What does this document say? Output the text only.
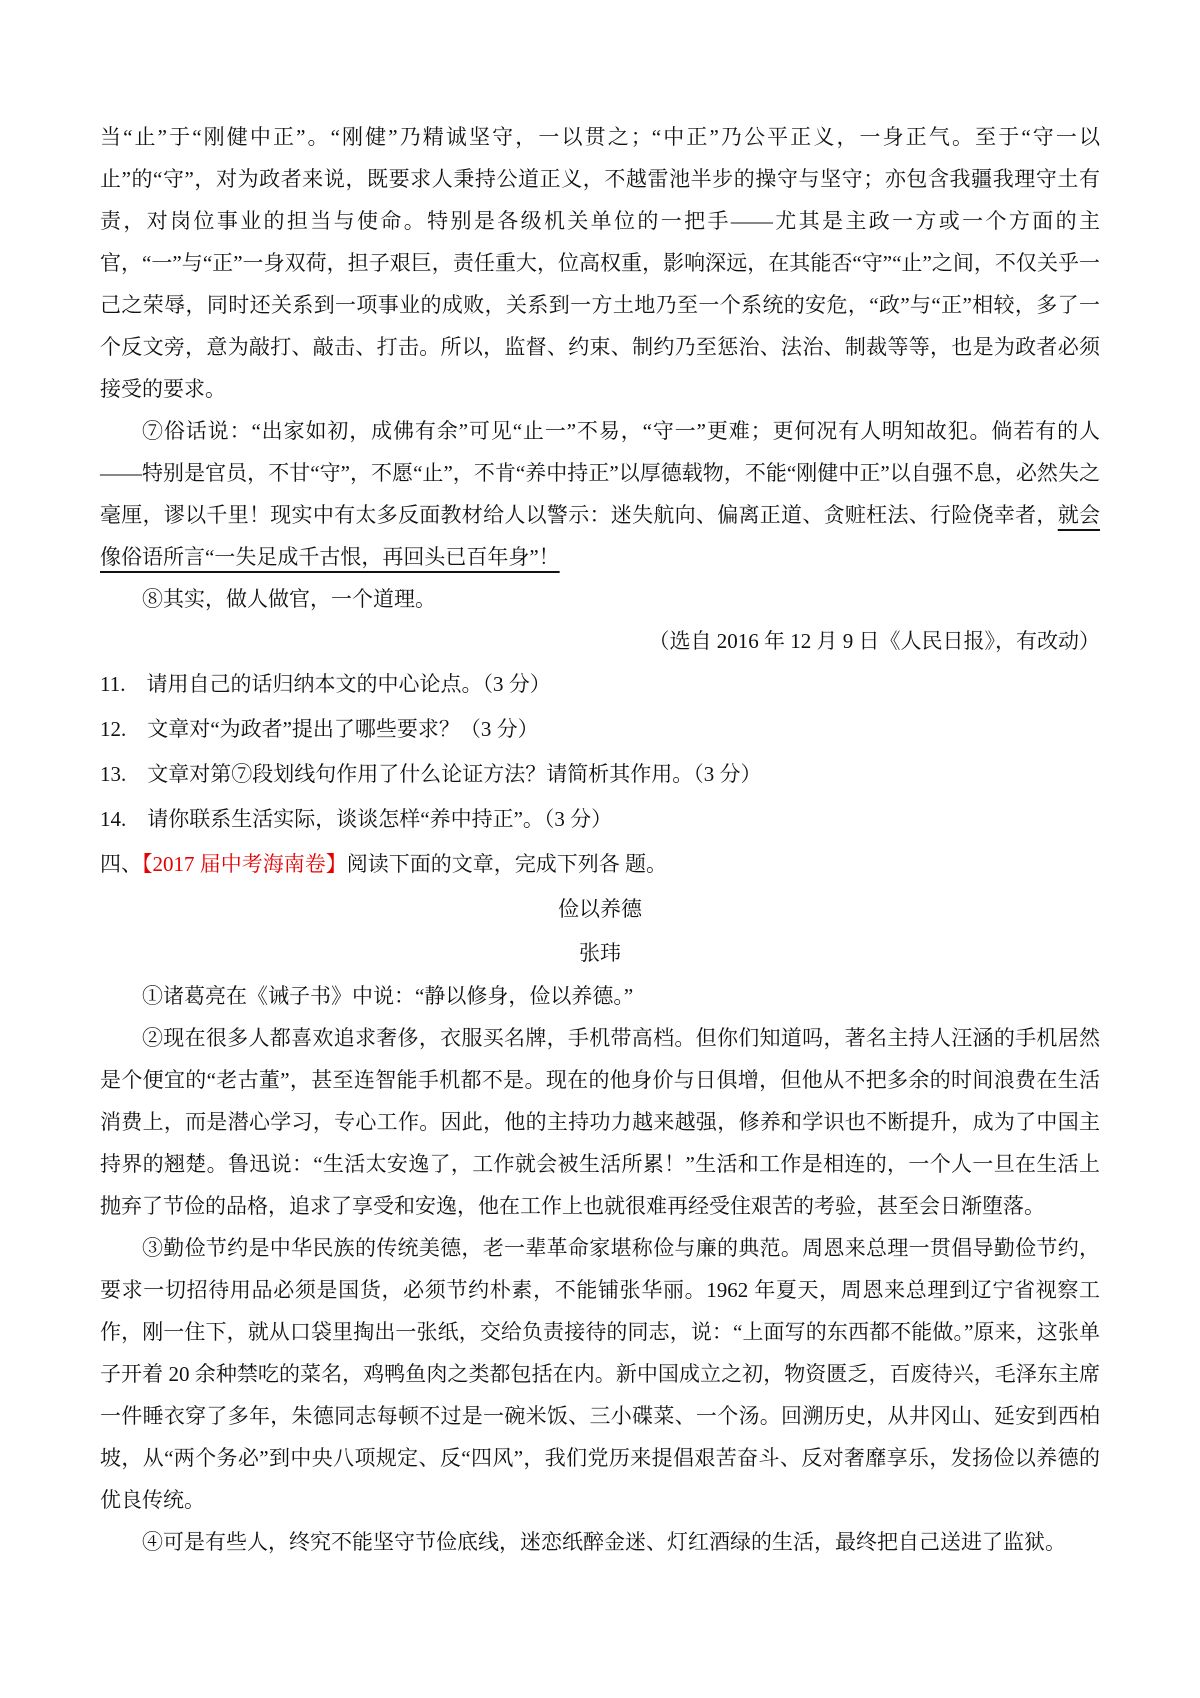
当“止”于“刚健中正”。“刚健”乃精诚坚守，一以贯之；“中正”乃公平正义，一身正气。至于“守一以止”的“守”，对为政者来说，既要求人秉持公道正义，不越雷池半步的操守与坚守；亦包含我疆我理守土有责，对岗位事业的担当与使命。特别是各级机关单位的一把手——尤其是主政一方或一个方面的主官，“一”与“正”一身双荷，担子艰巨，责任重大，位高权重，影响深远，在其能否“守”“止”之间，不仅关乎一己之荣辱，同时还关系到一项事业的成败，关系到一方土地乃至一个系统的安危，“政”与“正”相较，多了一个反文旁，意为敲打、敲击、打击。所以，监督、约束、制约乃至惩治、法治、制裁等等，也是为政者必须接受的要求。

⑦俗话说：“出家如初，成佛有余”可见“止一”不易，“守一”更难；更何况有人明知故犯。倘若有的人——特别是官员，不甘“守”，不愿“止”，不肯“养中持正”以厚德载物，不能“刚健中正”以自强不息，必然失之毫厘，谬以千里！现实中有太多反面教材给人以警示：迷失航向、偏离正道、贪赃枉法、行险侥幸者，就会像俗语所言“一失足成千古恨，再回头已百年身”！

⑧其实，做人做官，一个道理。

（选自 2016 年 12 月 9 日《人民日报》，有改动）

11.　请用自己的话归纳本文的中心论点。（3 分）

12.　文章对“为政者”提出了哪些要求？（3 分）

13.　文章对第⑦段划线句作用了什么论证方法？请简析其作用。（3 分）

14.　请你联系生活实际，谈谈怎样“养中持正”。（3 分）

四、【2017 届中考海南卷】阅读下面的文章，完成下列各 题。

俭以养德

张玮

①诸葛亮在《诫子书》中说：“静以修身，俭以养德。”

②现在很多人都喜欢追求奢侈，衣服买名牌，手机带高档。但你们知道吗，著名主持人汪涵的手机居然是个便宜的“老古董”，甚至连智能手机都不是。现在的他身价与日俱增，但他从不把多余的时间浪费在生活消费上，而是潜心学习，专心工作。因此，他的主持功力越来越强，修养和学识也不断提升，成为了中国主持界的翘楚。鲁迅说：“生活太安逸了，工作就会被生活所累！”生活和工作是相连的，一个人一旦在生活上抛弃了节俭的品格，追求了享受和安逸，他在工作上也就很难再经受住艰苦的考验，甚至会日渐堕落。

③勤俭节约是中华民族的传统美德，老一辈革命家堪称俭与廉的典范。周恩来总理一贯倡导勤俭节约，要求一切招待用品必须是国货，必须节约朴素，不能铺张华丽。1962 年夏天，周恩来总理到辽宁省视察工作，刚一住下，就从口袋里掏出一张纸，交给负责接待的同志，说：“上面写的东西都不能做。”原来，这张单子开着 20 余种禁吃的菜名，鸡鸭鱼肉之类都包括在内。新中国成立之初，物资匮乏，百废待兴，毛泽东主席一件睡衣穿了多年，朱德同志每顿不过是一碗米饭、三小碟菜、一个汤。回溯历史，从井冈山、延安到西柏坡，从“两个务必”到中央八项规定、反“四风”，我们党历来提倡艰苦奋斗、反对奢靡享乐，发扬俭以养德的优良传统。

④可是有些人，终究不能坚守节俭底线，迷恋纸醉金迷、灯红酒绿的生活，最终把自己送进了监狱。
